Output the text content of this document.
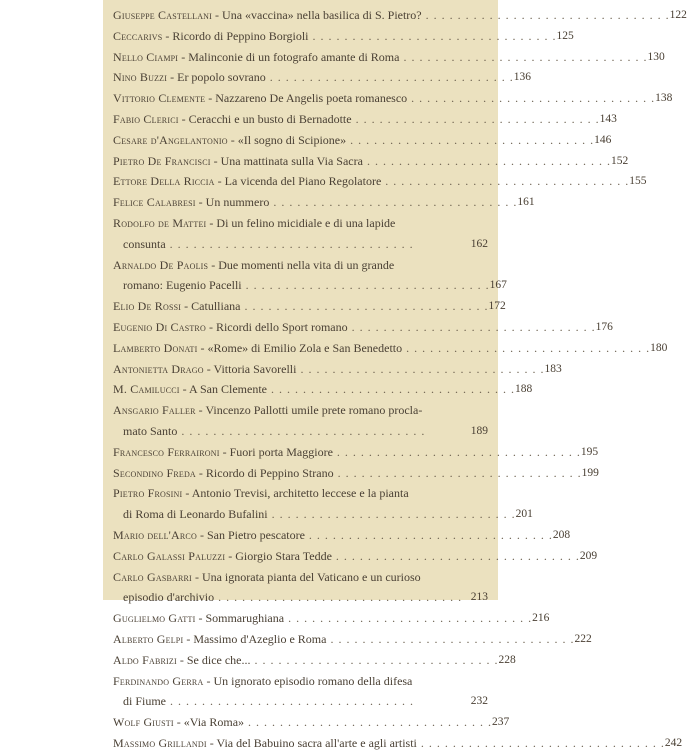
Giuseppe Castellani - Una «vaccina» nella basilica di S. Pietro? . . . . . . . . . . . . . . . . . . . . . . . . . . . . . . . 122
Ceccarivs - Ricordo di Peppino Borgioli . . . . . . . . . . . . . . . . . . . . . . . . . . . . . . . 125
Nello Ciampi - Malinconie di un fotografo amante di Roma . . . . . . . . . . . . . . . . . . . . . . . . . . . . . . . 130
Nino Buzzi - Er popolo sovrano . . . . . . . . . . . . . . . . . . . . . . . . . . . . . . . 136
Vittorio Clemente - Nazzareno De Angelis poeta romanesco . . . . . . . . . . . . . . . . . . . . . . . . . . . . . . . 138
Fabio Clerici - Ceracchi e un busto di Bernadotte . . . . . . . . . . . . . . . . . . . . . . . . . . . . . . . 143
Cesare d'Angelantonio - «Il sogno di Scipione» . . . . . . . . . . . . . . . . . . . . . . . . . . . . . . . 146
Pietro De Francisci - Una mattinata sulla Via Sacra . . . . . . . . . . . . . . . . . . . . . . . . . . . . . . . 152
Ettore Della Riccia - La vicenda del Piano Regolatore . . . . . . . . . . . . . . . . . . . . . . . . . . . . . . . 155
Felice Calabresi - Un nummero . . . . . . . . . . . . . . . . . . . . . . . . . . . . . . . 161
Rodolfo de Mattei - Di un felino micidiale e di una lapide
consunta . . . . . . . . . . . . . . . . . . . . . . . . . . . . . . .	162
Arnaldo De Paolis - Due momenti nella vita di un grande
romano: Eugenio Pacelli . . . . . . . . . . . . . . . . . . . . . . . . . . . . . . . 167
Elio De Rossi - Catulliana . . . . . . . . . . . . . . . . . . . . . . . . . . . . . . . 172
Eugenio Di Castro - Ricordi dello Sport romano . . . . . . . . . . . . . . . . . . . . . . . . . . . . . . . 176
Lamberto Donati - «Rome» di Emilio Zola e San Benedetto . . . . . . . . . . . . . . . . . . . . . . . . . . . . . . . 180
Antonietta Drago - Vittoria Savorelli . . . . . . . . . . . . . . . . . . . . . . . . . . . . . . . 183
M. Camilucci - A San Clemente . . . . . . . . . . . . . . . . . . . . . . . . . . . . . . . 188
Ansgario Faller - Vincenzo Pallotti umile prete romano procla-
mato Santo . . . . . . . . . . . . . . . . . . . . . . . . . . . . . . .	189
Francesco Ferraironi - Fuori porta Maggiore . . . . . . . . . . . . . . . . . . . . . . . . . . . . . . . 195
Secondino Freda - Ricordo di Peppino Strano . . . . . . . . . . . . . . . . . . . . . . . . . . . . . . . 199
Pietro Frosini - Antonio Trevisi, architetto leccese e la pianta
di Roma di Leonardo Bufalini . . . . . . . . . . . . . . . . . . . . . . . . . . . . . . . 201
Mario dell'Arco - San Pietro pescatore . . . . . . . . . . . . . . . . . . . . . . . . . . . . . . . 208
Carlo Galassi Paluzzi - Giorgio Stara Tedde . . . . . . . . . . . . . . . . . . . . . . . . . . . . . . . 209
Carlo Gasbarri - Una ignorata pianta del Vaticano e un curioso
episodio d'archivio . . . . . . . . . . . . . . . . . . . . . . . . . . . . . . . 213
Guglielmo Gatti - Sommarughiana . . . . . . . . . . . . . . . . . . . . . . . . . . . . . . . 216
Alberto Gelpi - Massimo d'Azeglio e Roma . . . . . . . . . . . . . . . . . . . . . . . . . . . . . . . 222
Aldo Fabrizi - Se dice che... . . . . . . . . . . . . . . . . . . . . . . . . . . . . . . . 228
Ferdinando Gerra - Un ignorato episodio romano della difesa
di Fiume . . . . . . . . . . . . . . . . . . . . . . . . . . . . . . .	232
Wolf Giusti - «Via Roma» . . . . . . . . . . . . . . . . . . . . . . . . . . . . . . . 237
Massimo Grillandi - Via del Babuino sacra all'arte e agli artisti . . . . . . . . . . . . . . . . . . . . . . . . . . . . . . . 242
